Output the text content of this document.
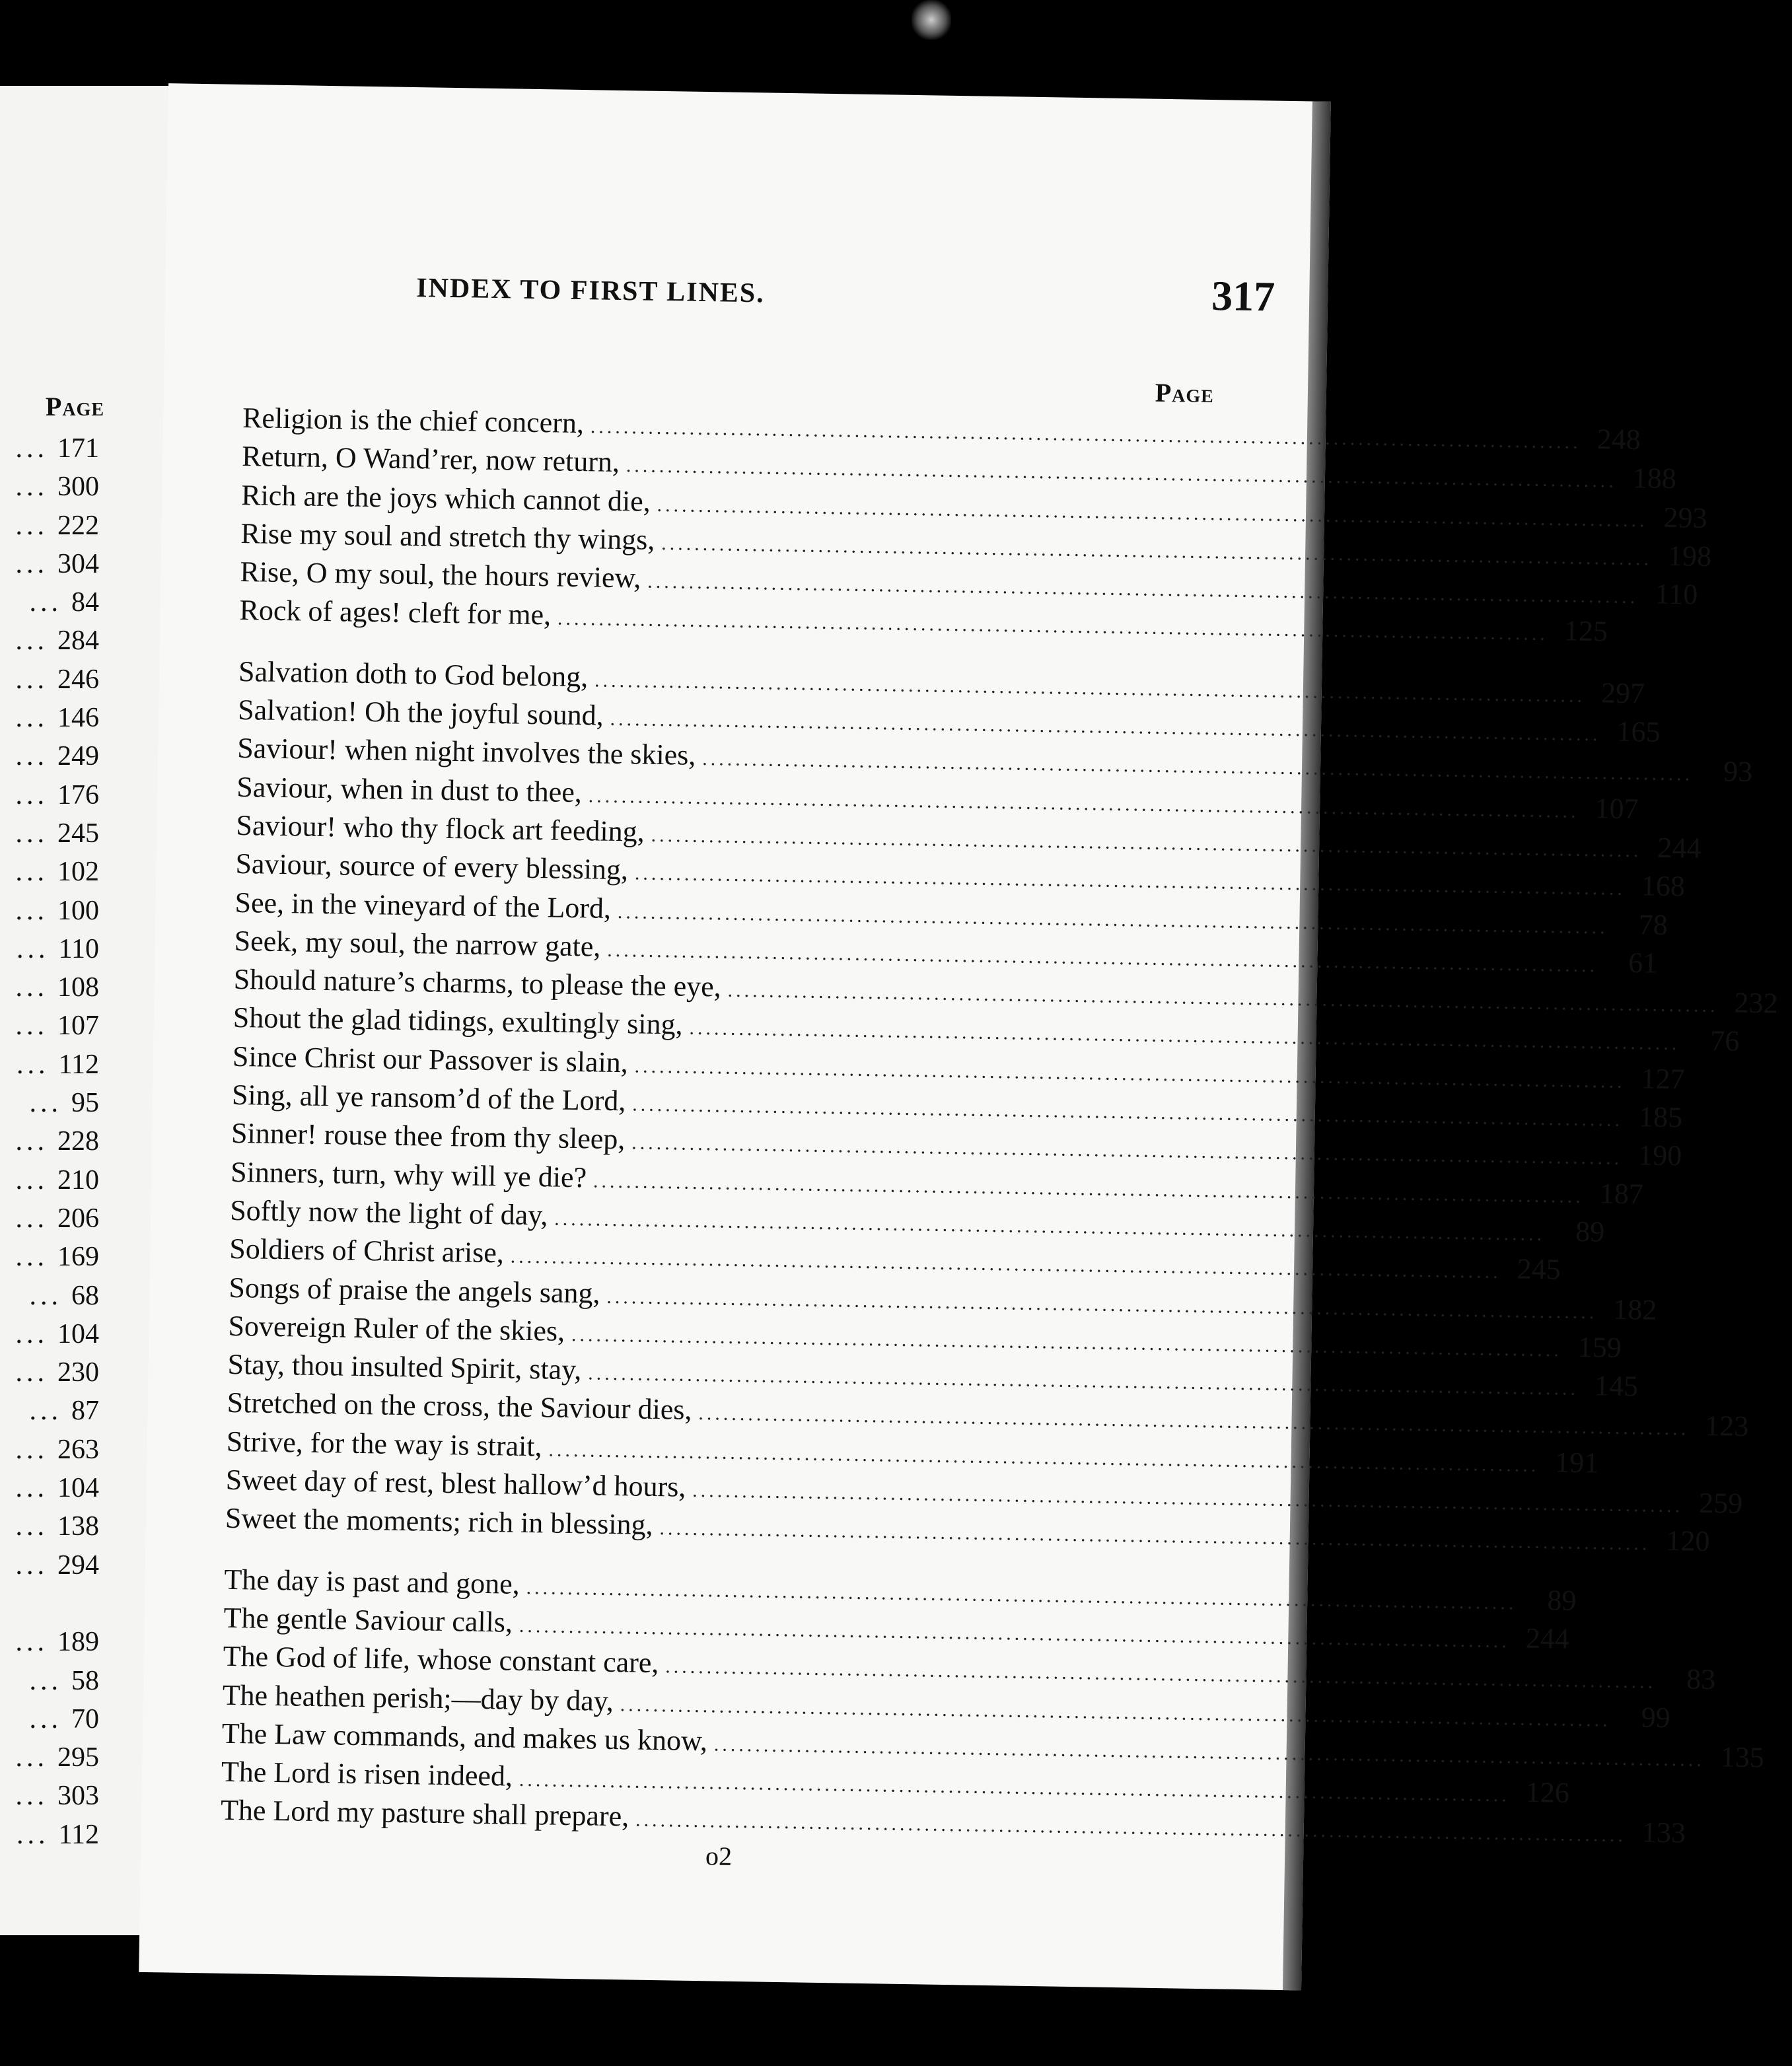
Page
... 171
... 300
... 222
... 304
... 84
... 284
... 246
... 146
... 249
... 176
... 245
... 102
... 100
... 110
... 108
... 107
... 112
... 95
... 228
... 210
... 206
... 169
... 68
... 104
... 230
... 87
... 263
... 104
... 138
... 294
... 189
... 58
... 70
... 295
... 303
... 112
INDEX TO FIRST LINES.	317
Page
Religion is the chief concern, ........................................................................................................................ 248
Return, O Wand’rer, now return, ........................................................................................................................ 188
Rich are the joys which cannot die, ........................................................................................................................ 293
Rise my soul and stretch thy wings, ........................................................................................................................ 198
Rise, O my soul, the hours review, ........................................................................................................................ 110
Rock of ages! cleft for me, ........................................................................................................................ 125
Salvation doth to God belong, ........................................................................................................................ 297
Salvation! Oh the joyful sound, ........................................................................................................................ 165
Saviour! when night involves the skies, ........................................................................................................................	93
Saviour, when in dust to thee, ........................................................................................................................ 107
Saviour! who thy flock art feeding, ........................................................................................................................ 244
Saviour, source of every blessing, ........................................................................................................................ 168
See, in the vineyard of the Lord, ........................................................................................................................	78
Seek, my soul, the narrow gate, ........................................................................................................................	61
Should nature’s charms, to please the eye, ........................................................................................................................ 232
Shout the glad tidings, exultingly sing, ........................................................................................................................	76
Since Christ our Passover is slain, ........................................................................................................................ 127
Sing, all ye ransom’d of the Lord, ........................................................................................................................ 185
Sinner! rouse thee from thy sleep, ........................................................................................................................ 190
Sinners, turn, why will ye die? ........................................................................................................................ 187
Softly now the light of day, ........................................................................................................................	89
Soldiers of Christ arise, ........................................................................................................................ 245
Songs of praise the angels sang, ........................................................................................................................ 182
Sovereign Ruler of the skies, ........................................................................................................................ 159
Stay, thou insulted Spirit, stay, ........................................................................................................................ 145
Stretched on the cross, the Saviour dies, ........................................................................................................................ 123
Strive, for the way is strait, ........................................................................................................................ 191
Sweet day of rest, blest hallow’d hours, ........................................................................................................................ 259
Sweet the moments; rich in blessing, ........................................................................................................................ 120
The day is past and gone, ........................................................................................................................	89
The gentle Saviour calls, ........................................................................................................................ 244
The God of life, whose constant care, ........................................................................................................................	83
The heathen perish;—day by day, ........................................................................................................................	99
The Law commands, and makes us know, ........................................................................................................................ 135
The Lord is risen indeed, ........................................................................................................................ 126
The Lord my pasture shall prepare, ........................................................................................................................ 133
o2
